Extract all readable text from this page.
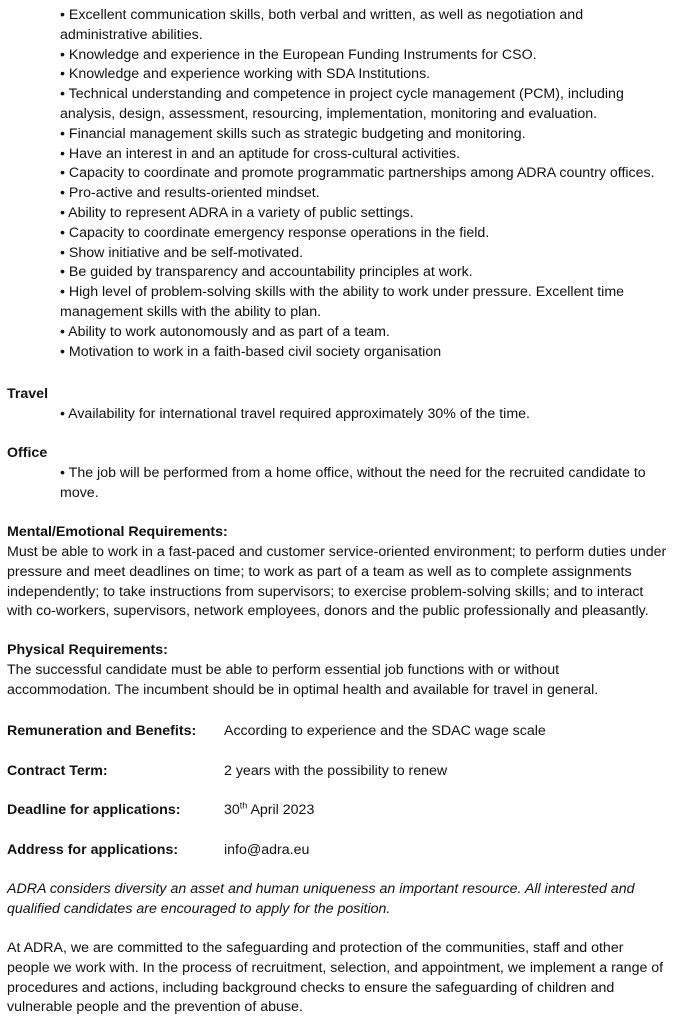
• Excellent communication skills, both verbal and written, as well as negotiation and administrative abilities.

• Knowledge and experience in the European Funding Instruments for CSO.

• Knowledge and experience working with SDA Institutions.

• Technical understanding and competence in project cycle management (PCM), including analysis, design, assessment, resourcing, implementation, monitoring and evaluation.

• Financial management skills such as strategic budgeting and monitoring.

• Have an interest in and an aptitude for cross-cultural activities.

• Capacity to coordinate and promote programmatic partnerships among ADRA country offices.

• Pro-active and results-oriented mindset.

• Ability to represent ADRA in a variety of public settings.

• Capacity to coordinate emergency response operations in the field.

• Show initiative and be self-motivated.

• Be guided by transparency and accountability principles at work.

• High level of problem-solving skills with the ability to work under pressure. Excellent time management skills with the ability to plan.

• Ability to work autonomously and as part of a team.

• Motivation to work in a faith-based civil society organisation

Travel

• Availability for international travel required approximately 30% of the time.

Office

• The job will be performed from a home office, without the need for the recruited candidate to move.

Mental/Emotional Requirements:

Must be able to work in a fast-paced and customer service-oriented environment; to perform duties under pressure and meet deadlines on time; to work as part of a team as well as to complete assignments independently; to take instructions from supervisors; to exercise problem-solving skills; and to interact with co-workers, supervisors, network employees, donors and the public professionally and pleasantly.

Physical Requirements:

The successful candidate must be able to perform essential job functions with or without accommodation. The incumbent should be in optimal health and available for travel in general.

Remuneration and Benefits: According to experience and the SDAC wage scale
Contract Term:	2 years with the possibility to renew
Deadline for applications:	30th April 2023
Address for applications:	info@adra.eu

ADRA considers diversity an asset and human uniqueness an important resource. All interested and qualified candidates are encouraged to apply for the position.

At ADRA, we are committed to the safeguarding and protection of the communities, staff and other people we work with. In the process of recruitment, selection, and appointment, we implement a range of procedures and actions, including background checks to ensure the safeguarding of children and vulnerable people and the prevention of abuse.
